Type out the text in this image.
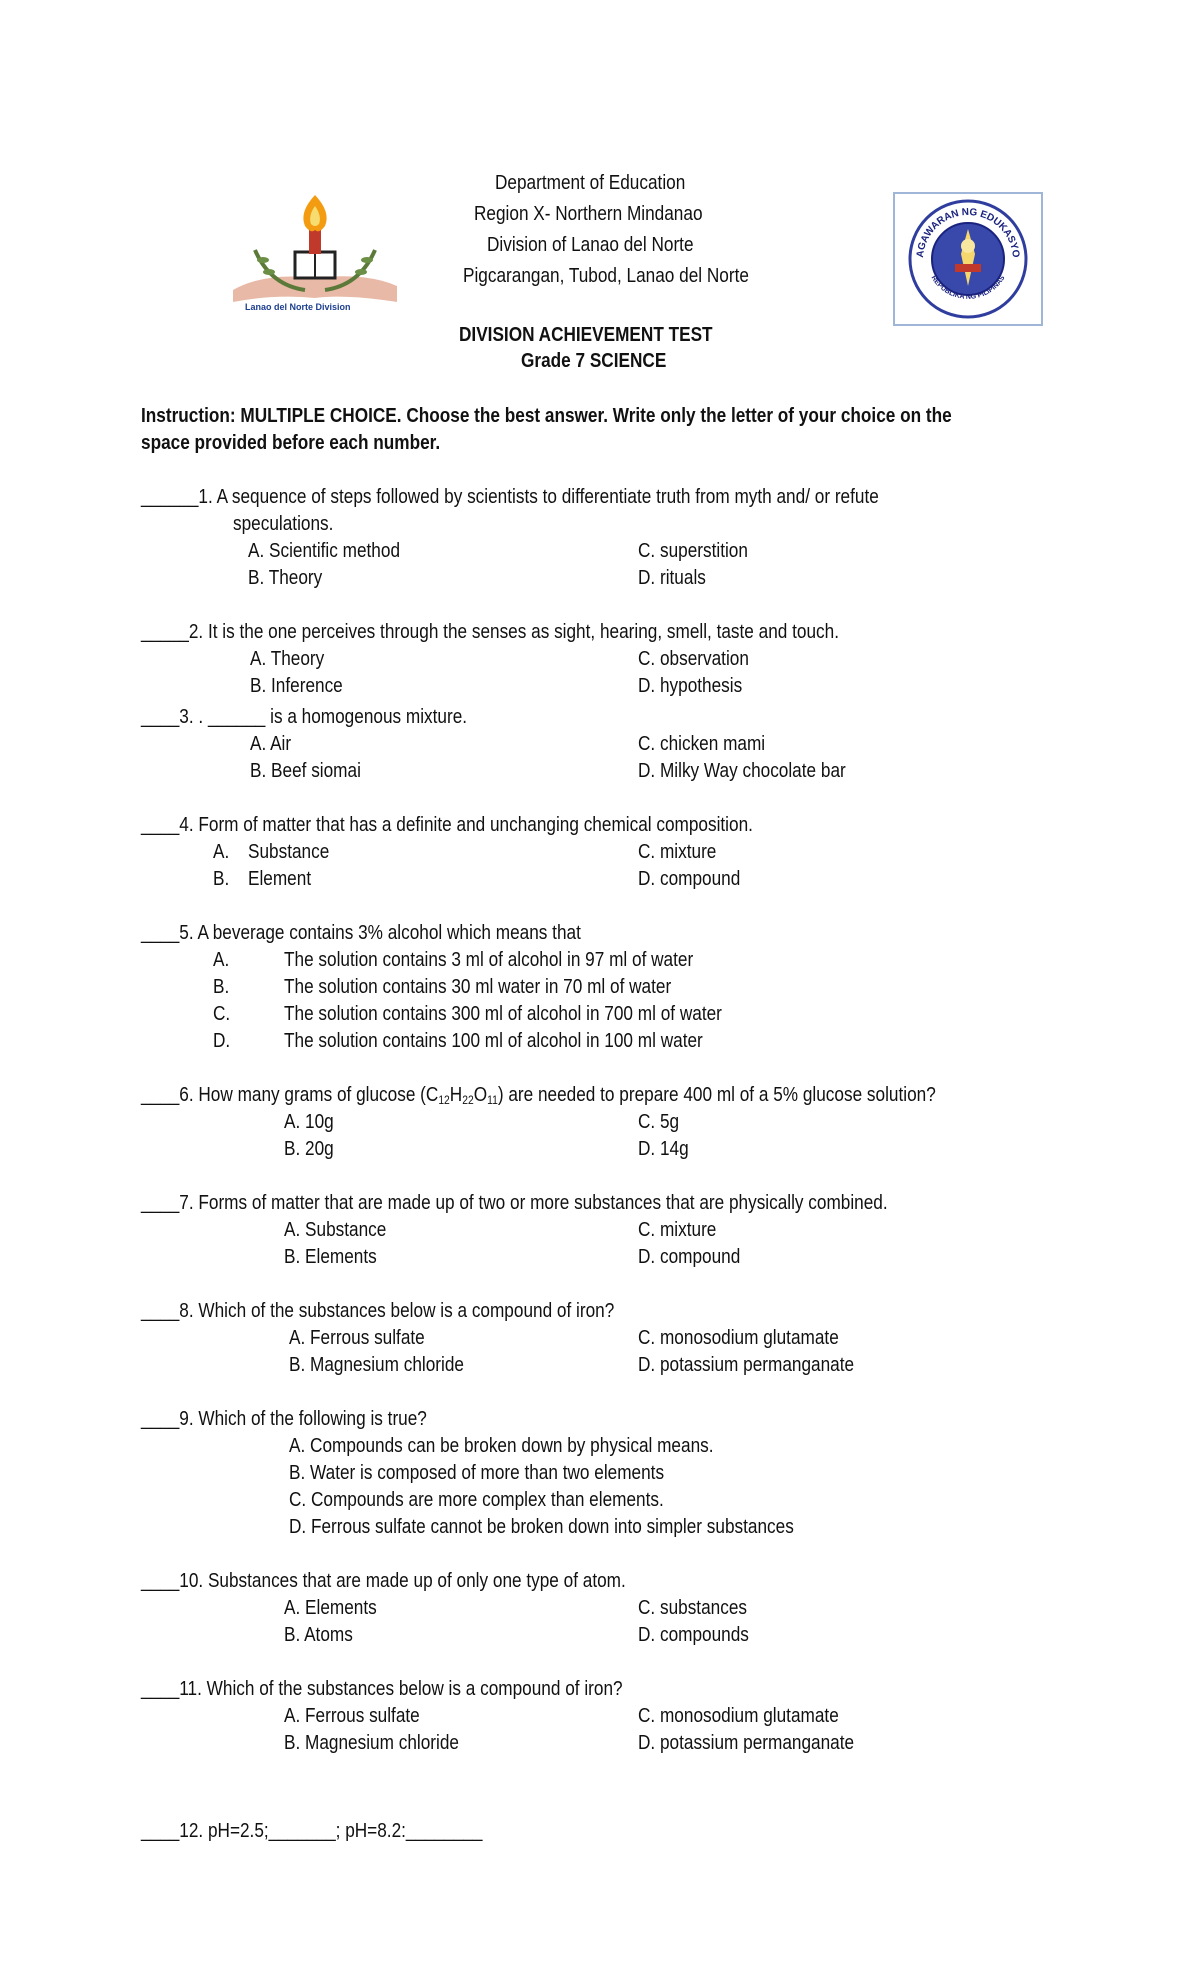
Lanao del Norte Division
AGAWARAN NG EDUKASYO
REPUBLIKA NG PILIPINAS
Department of Education
Region X- Northern Mindanao
Division of Lanao del Norte
Pigcarangan, Tubod, Lanao del Norte
DIVISION ACHIEVEMENT TEST
Grade 7 SCIENCE
Instruction: MULTIPLE CHOICE. Choose the best answer. Write only the letter of your choice on the
space provided before each number.
______1. A sequence of steps followed by scientists to differentiate truth from myth and/ or refute
speculations.
A. Scientific method
B. Theory
C. superstition
D. rituals
_____2. It is the one perceives through the senses as sight, hearing, smell, taste and touch.
A. Theory
B. Inference
C. observation
D. hypothesis
____3. . ______ is a homogenous mixture.
A. Air
B. Beef siomai
C. chicken mami
D. Milky Way chocolate bar
____4. Form of matter that has a definite and unchanging chemical composition.
A. Substance
B. Element
C. mixture
D. compound
____5. A beverage contains 3% alcohol which means that
A.	The solution contains 3 ml of alcohol in 97 ml of water
B.	The solution contains 30 ml water in 70 ml of water
C.	The solution contains 300 ml of alcohol in 700 ml of water
D.	The solution contains 100 ml of alcohol in 100 ml water
____6. How many grams of glucose $(C_{12}H_{22}O_{11})$ are needed to prepare 400 ml of a 5% glucose solution?
A. 10g
B. 20g
C. 5g
D. 14g
____7. Forms of matter that are made up of two or more substances that are physically combined.
A. Substance
B. Elements
C. mixture
D. compound
____8. Which of the substances below is a compound of iron?
A. Ferrous sulfate
B. Magnesium chloride
C. monosodium glutamate
D. potassium permanganate
____9. Which of the following is true?
A. Compounds can be broken down by physical means.
B. Water is composed of more than two elements
C. Compounds are more complex than elements.
D. Ferrous sulfate cannot be broken down into simpler substances
____10. Substances that are made up of only one type of atom.
A. Elements
B. Atoms
C. substances
D. compounds
____11. Which of the substances below is a compound of iron?
A. Ferrous sulfate
B. Magnesium chloride
C. monosodium glutamate
D. potassium permanganate
____12. pH=2.5;_______; pH=8.2:________
